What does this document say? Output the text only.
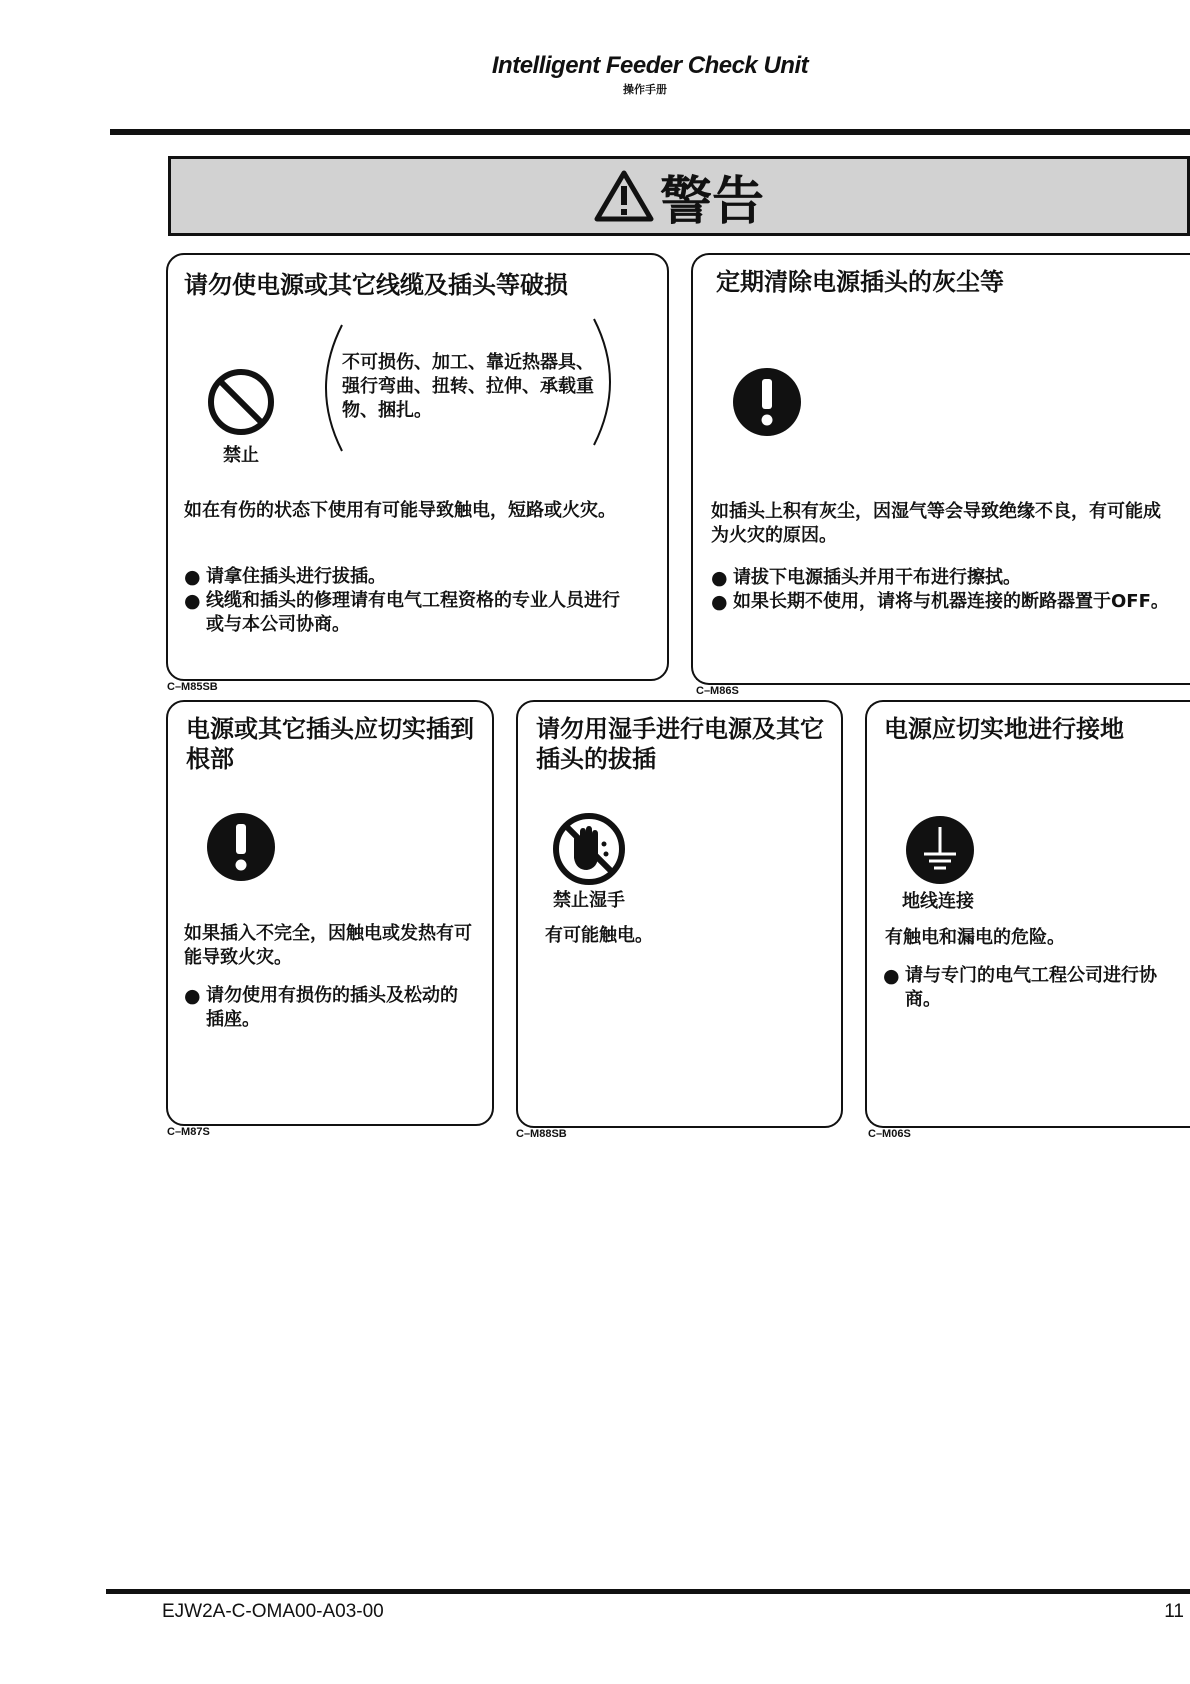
Intelligent Feeder Check Unit
操作手册
警告
请勿使电源或其它线缆及插头等破损
禁止
不可损伤、加工、靠近热器具、强行弯曲、扭转、拉伸、承载重物、捆扎。
如在有伤的状态下使用有可能导致触电，短路或火灾。
● 请拿住插头进行拔插。
● 线缆和插头的修理请有电气工程资格的专业人员进行或与本公司协商。
C–M85SB
定期清除电源插头的灰尘等
如插头上积有灰尘，因湿气等会导致绝缘不良，有可能成为火灾的原因。
● 请拔下电源插头并用干布进行擦拭。
● 如果长期不使用，请将与机器连接的断路器置于OFF。
C–M86S
电源或其它插头应切实插到根部
如果插入不完全，因触电或发热有可能导致火灾。
● 请勿使用有损伤的插头及松动的插座。
C–M87S
请勿用湿手进行电源及其它插头的拔插
禁止湿手
有可能触电。
C–M88SB
电源应切实地进行接地
地线连接
有触电和漏电的危险。
● 请与专门的电气工程公司进行协商。
C–M06S
EJW2A-C-OMA00-A03-00	11
